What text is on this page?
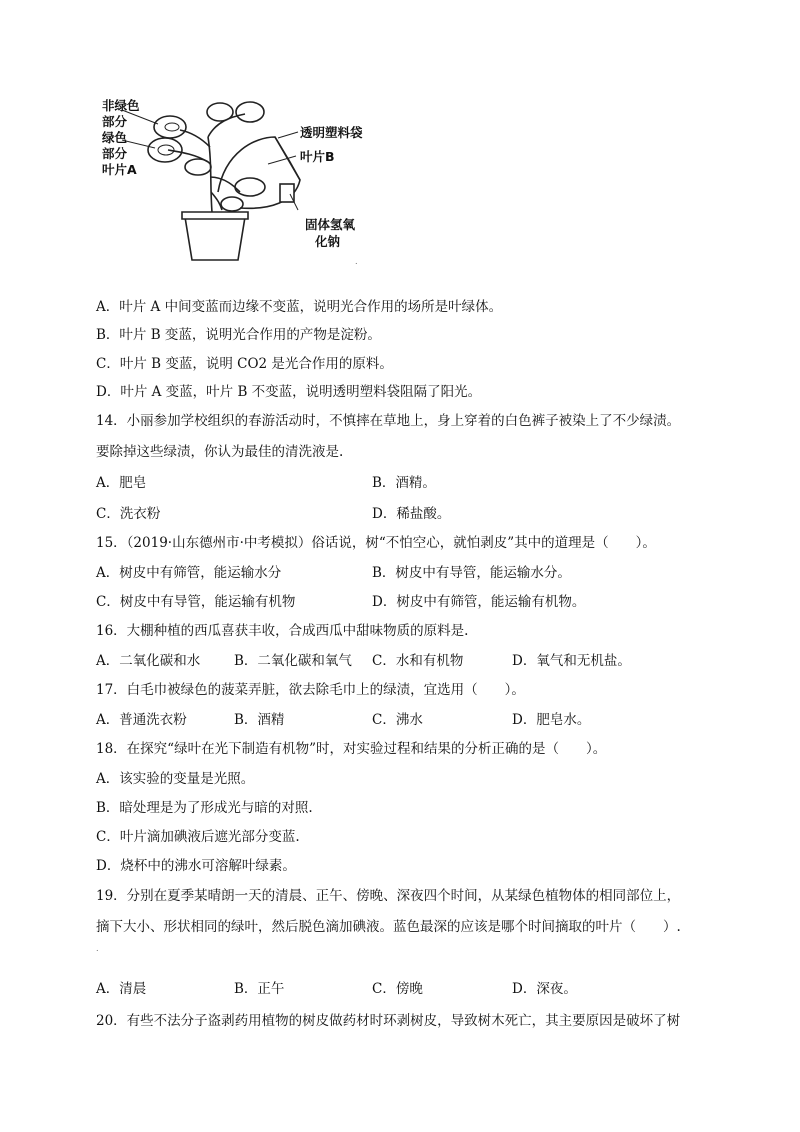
非绿色
部分
绿色
部分
叶片A
透明塑料袋
叶片B
固体氢氧
化钠
.
A．叶片 A 中间变蓝而边缘不变蓝，说明光合作用的场所是叶绿体。
B．叶片 B 变蓝，说明光合作用的产物是淀粉。
C．叶片 B 变蓝，说明 CO2 是光合作用的原料。
D．叶片 A 变蓝，叶片 B 不变蓝，说明透明塑料袋阻隔了阳光。
14．小丽参加学校组织的春游活动时，不慎摔在草地上，身上穿着的白色裤子被染上了不少绿渍。
要除掉这些绿渍，你认为最佳的清洗液是.
A．肥皂	B．酒精。
C．洗衣粉	D．稀盐酸。
15．（2019·山东德州市·中考模拟）俗话说，树“不怕空心，就怕剥皮”其中的道理是（　　）。
A．树皮中有筛管，能运输水分	B．树皮中有导管，能运输水分。
C．树皮中有导管，能运输有机物	D．树皮中有筛管，能运输有机物。
16．大棚种植的西瓜喜获丰收，合成西瓜中甜味物质的原料是.
A．二氧化碳和水	B．二氧化碳和氧气 C．水和有机物	D．氧气和无机盐。
17．白毛巾被绿色的菠菜弄脏，欲去除毛巾上的绿渍，宜选用（　　）。
A．普通洗衣粉	B．酒精	C．沸水	D．肥皂水。
18．在探究“绿叶在光下制造有机物”时，对实验过程和结果的分析正确的是（　　）。
A．该实验的变量是光照。
B．暗处理是为了形成光与暗的对照.
C．叶片滴加碘液后遮光部分变蓝.
D．烧杯中的沸水可溶解叶绿素。
19．分别在夏季某晴朗一天的清晨、正午、傍晚、深夜四个时间，从某绿色植物体的相同部位上，
摘下大小、形状相同的绿叶，然后脱色滴加碘液。蓝色最深的应该是哪个时间摘取的叶片（　　）.
.
A．清晨	B．正午	C．傍晚	D．深夜。
20．有些不法分子盗剥药用植物的树皮做药材时环剥树皮，导致树木死亡，其主要原因是破坏了树
